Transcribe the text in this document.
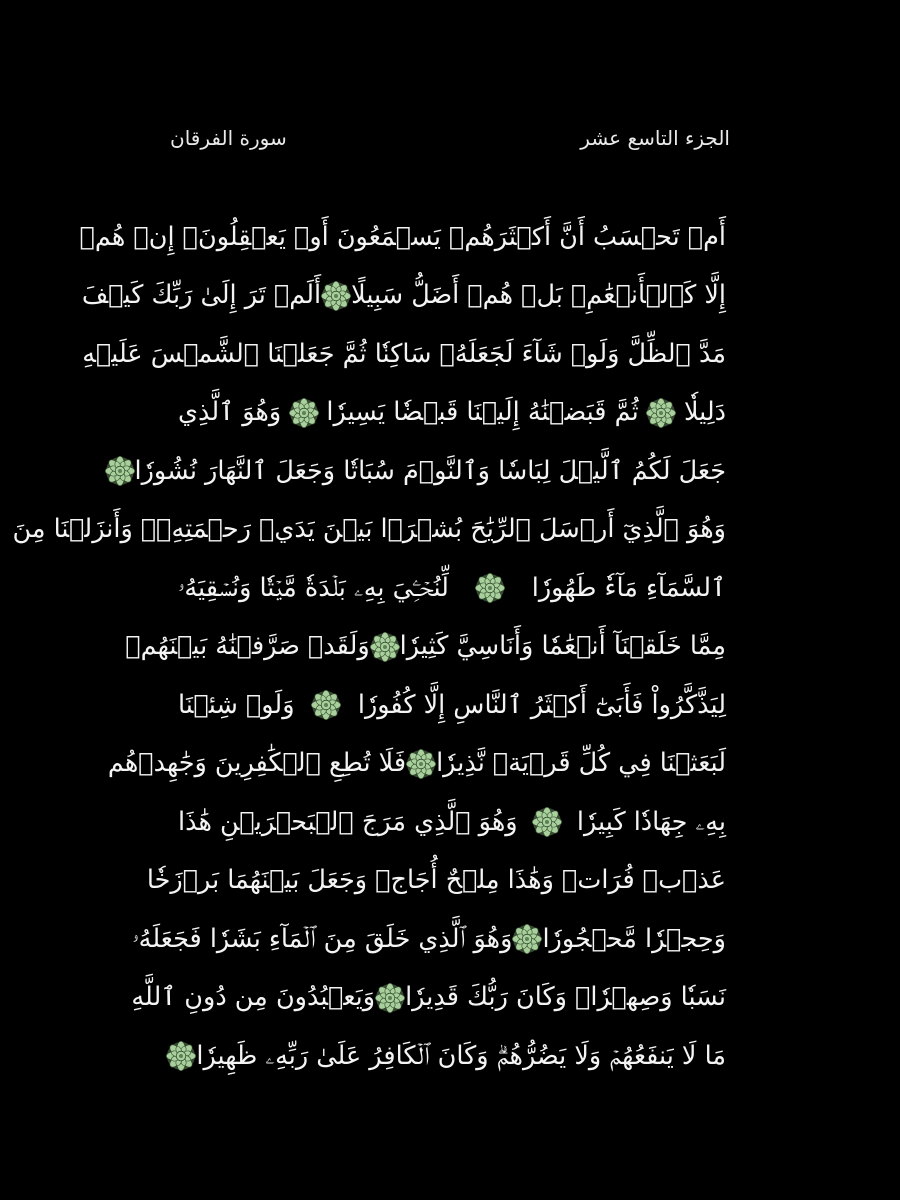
الجزء التاسع عشر
سورة الفرقان
أَمۡ تَحۡسَبُ أَنَّ أَكۡثَرَهُمۡ يَسۡمَعُونَ أَوۡ يَعۡقِلُونَۚ إِنۡ هُمۡ
إِلَّا كَٱلۡأَنۡعَٰمِۖ بَلۡ هُمۡ أَضَلُّ سَبِيلًا
أَلَمۡ تَرَ إِلَىٰ رَبِّكَ كَيۡفَ
مَدَّ ٱلظِّلَّ وَلَوۡ شَآءَ لَجَعَلَهُۥ سَاكِنٗا ثُمَّ جَعَلۡنَا ٱلشَّمۡسَ عَلَيۡهِ
دَلِيلٗا
ثُمَّ قَبَضۡنَٰهُ إِلَيۡنَا قَبۡضٗا يَسِيرٗا
وَهُوَ ٱلَّذِي
جَعَلَ لَكُمُ ٱلَّيۡلَ لِبَاسٗا وَٱلنَّوۡمَ سُبَاتٗا وَجَعَلَ ٱلنَّهَارَ نُشُورٗا
وَهُوَ ٱلَّذِيٓ أَرۡسَلَ ٱلرِّيَٰحَ بُشۡرَۢا بَيۡنَ يَدَيۡ رَحۡمَتِهِۦۚ وَأَنزَلۡنَا مِنَ
ٱلسَّمَآءِ مَآءٗ طَهُورٗا
لِّنُحۡـِۧيَ بِهِۦ بَلۡدَةٗ مَّيۡتٗا وَنُسۡقِيَهُۥ
مِمَّا خَلَقۡنَآ أَنۡعَٰمٗا وَأَنَاسِيَّ كَثِيرٗا
وَلَقَدۡ صَرَّفۡنَٰهُ بَيۡنَهُمۡ
لِيَذَّكَّرُواْ فَأَبَىٰٓ أَكۡثَرُ ٱلنَّاسِ إِلَّا كُفُورٗا
وَلَوۡ شِئۡنَا
لَبَعَثۡنَا فِي كُلِّ قَرۡيَةٖ نَّذِيرٗا
فَلَا تُطِعِ ٱلۡكَٰفِرِينَ وَجَٰهِدۡهُم
بِهِۦ جِهَادٗا كَبِيرٗا
وَهُوَ ٱلَّذِي مَرَجَ ٱلۡبَحۡرَيۡنِ هَٰذَا
عَذۡبٞ فُرَاتٞ وَهَٰذَا مِلۡحٌ أُجَاجٞ وَجَعَلَ بَيۡنَهُمَا بَرۡزَخٗا
وَحِجۡرٗا مَّحۡجُورٗا
وَهُوَ ٱلَّذِي خَلَقَ مِنَ ٱلۡمَآءِ بَشَرٗا فَجَعَلَهُۥ
نَسَبٗا وَصِهۡرٗاۗ وَكَانَ رَبُّكَ قَدِيرٗا
وَيَعۡبُدُونَ مِن دُونِ ٱللَّهِ
مَا لَا يَنفَعُهُمۡ وَلَا يَضُرُّهُمۡۗ وَكَانَ ٱلۡكَافِرُ عَلَىٰ رَبِّهِۦ ظَهِيرٗا
